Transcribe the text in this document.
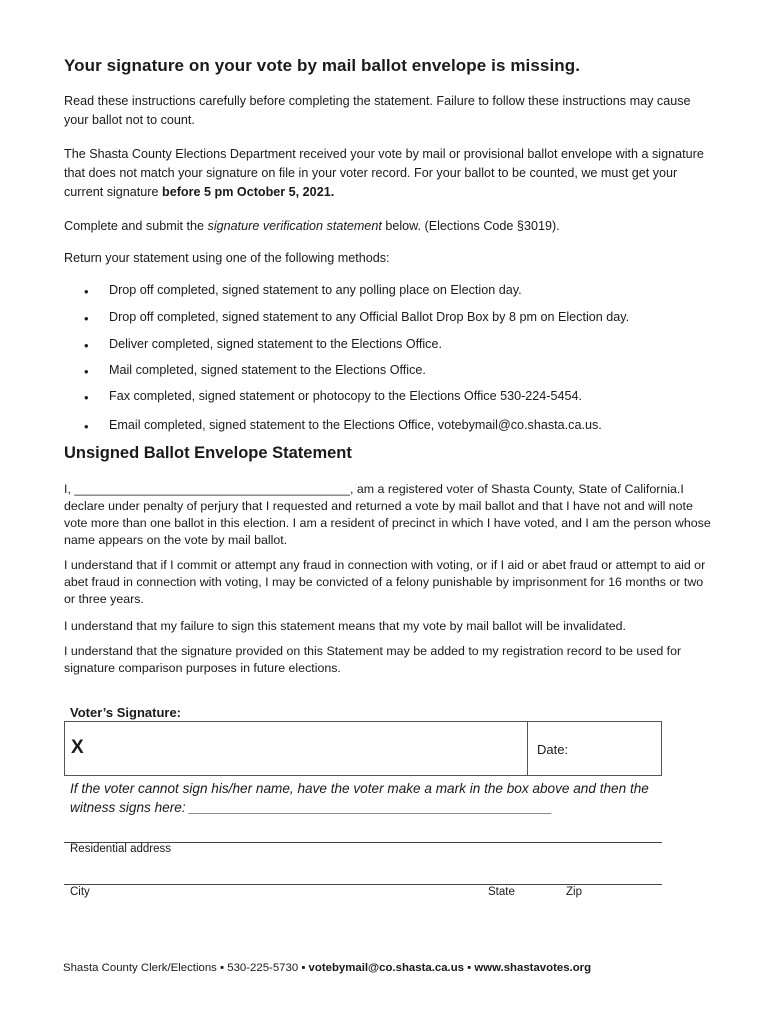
Your signature on your vote by mail ballot envelope is missing.
Read these instructions carefully before completing the statement. Failure to follow these instructions may cause your ballot not to count.
The Shasta County Elections Department received your vote by mail or provisional ballot envelope with a signature that does not match your signature on file in your voter record. For your ballot to be counted, we must get your current signature before 5 pm October 5, 2021.
Complete and submit the signature verification statement below. (Elections Code §3019).
Return your statement using one of the following methods:
• Drop off completed, signed statement to any polling place on Election day.
• Drop off completed, signed statement to any Official Ballot Drop Box by 8 pm on Election day.
• Deliver completed, signed statement to the Elections Office.
• Mail completed, signed statement to the Elections Office.
• Fax completed, signed statement or photocopy to the Elections Office 530-224-5454.
• Email completed, signed statement to the Elections Office, votebymail@co.shasta.ca.us.
Unsigned Ballot Envelope Statement
I, ________________________________________, am a registered voter of Shasta County, State of California.I declare under penalty of perjury that I requested and returned a vote by mail ballot and that I have not and will note vote more than one ballot in this election. I am a resident of precinct in which I have voted, and I am the person whose name appears on the vote by mail ballot.
I understand that if I commit or attempt any fraud in connection with voting, or if I aid or abet fraud or attempt to aid or abet fraud in connection with voting, I may be convicted of a felony punishable by imprisonment for 16 months or two or three years.
I understand that my failure to sign this statement means that my vote by mail ballot will be invalidated.
I understand that the signature provided on this Statement may be added to my registration record to be used for signature comparison purposes in future elections.
Voter’s Signature:
X	Date:
If the voter cannot sign his/her name, have the voter make a mark in the box above and then the witness signs here: ________________________________________________
Residential address
City	State	Zip
Shasta County Clerk/Elections ▪ 530-225-5730 ▪ votebymail@co.shasta.ca.us ▪ www.shastavotes.org
